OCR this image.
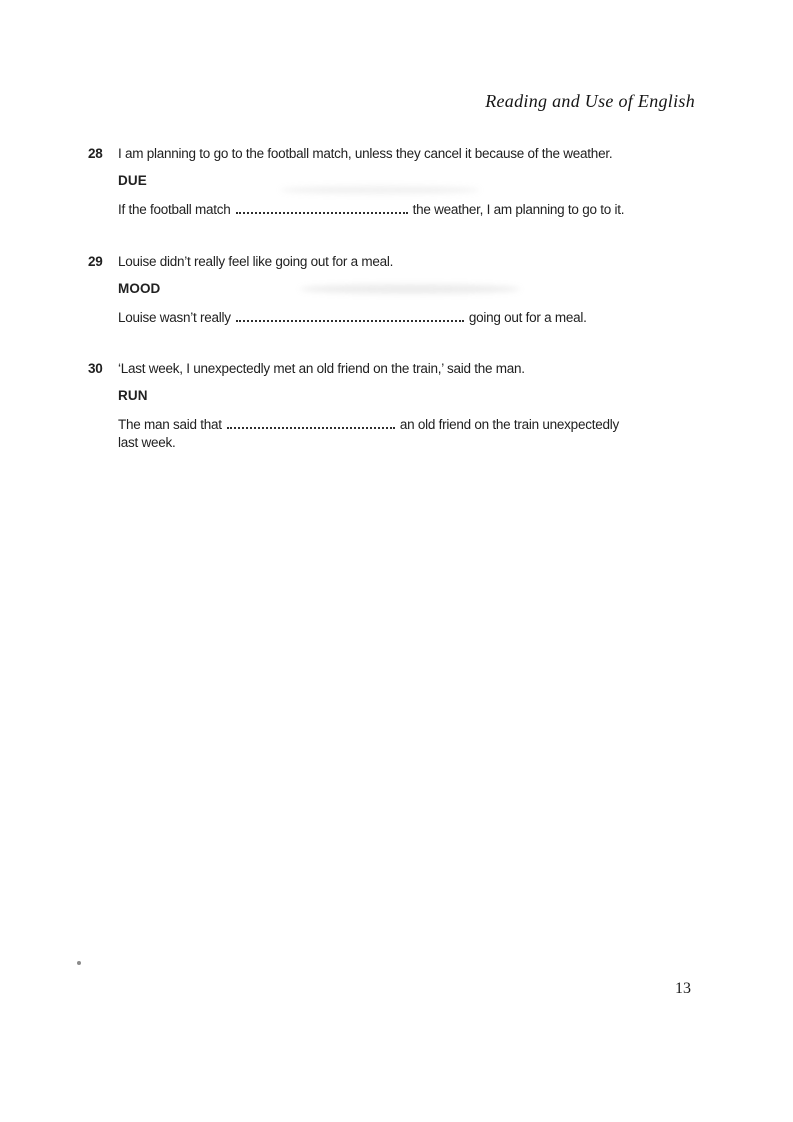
Reading and Use of English
28	I am planning to go to the football match, unless they cancel it because of the weather.
DUE
If the football match	the weather, I am planning to go to it.
29	Louise didn’t really feel like going out for a meal.
MOOD
Louise wasn’t really	going out for a meal.
30	‘Last week, I unexpectedly met an old friend on the train,’ said the man.
RUN
The man said that	an old friend on the train unexpectedly
last week.
13
